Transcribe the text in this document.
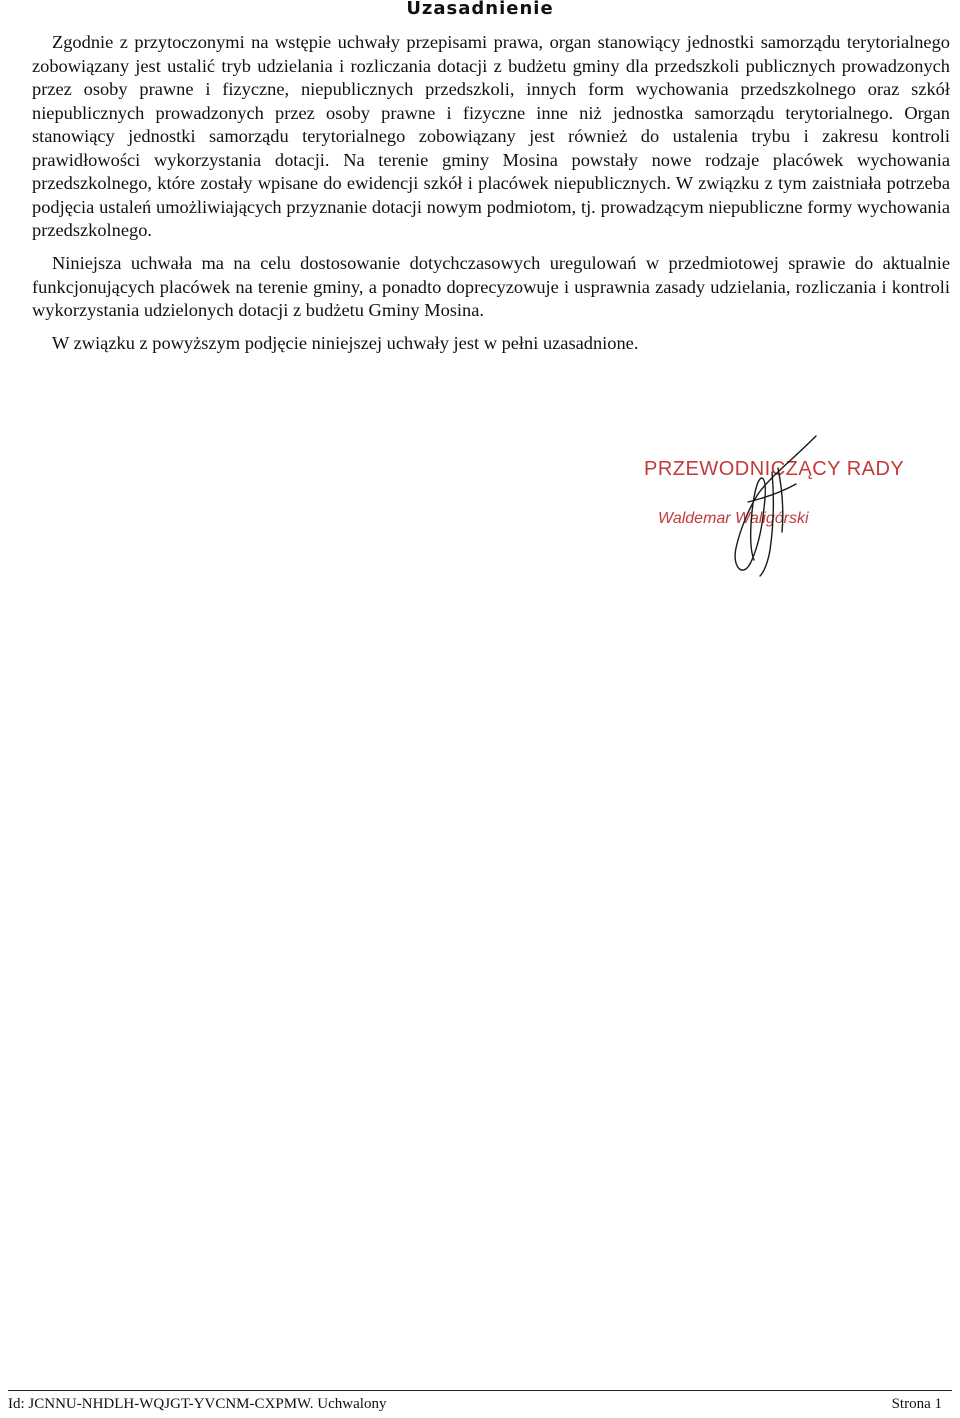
Uzasadnienie

Zgodnie z przytoczonymi na wstępie uchwały przepisami prawa, organ stanowiący jednostki samorządu terytorialnego zobowiązany jest ustalić tryb udzielania i rozliczania dotacji z budżetu gminy dla przedszkoli publicznych prowadzonych przez osoby prawne i fizyczne, niepublicznych przedszkoli, innych form wychowania przedszkolnego oraz szkół niepublicznych prowadzonych przez osoby prawne i fizyczne inne niż jednostka samorządu terytorialnego. Organ stanowiący jednostki samorządu terytorialnego zobowiązany jest również do ustalenia trybu i zakresu kontroli prawidłowości wykorzystania dotacji. Na terenie gminy Mosina powstały nowe rodzaje placówek wychowania przedszkolnego, które zostały wpisane do ewidencji szkół i placówek niepublicznych. W związku z tym zaistniała potrzeba podjęcia ustaleń umożliwiających przyznanie dotacji nowym podmiotom, tj. prowadzącym niepubliczne formy wychowania przedszkolnego.

Niniejsza uchwała ma na celu dostosowanie dotychczasowych uregulowań w przedmiotowej sprawie do aktualnie funkcjonujących placówek na terenie gminy, a ponadto doprecyzowuje i usprawnia zasady udzielania, rozliczania i kontroli wykorzystania udzielonych dotacji z budżetu Gminy Mosina.

W związku z powyższym podjęcie niniejszej uchwały jest w pełni uzasadnione.

PRZEWODNICZĄCY RADY
Waldemar Waligórski

Id: JCNNU-NHDLH-WQJGT-YVCNM-CXPMW. Uchwalony	Strona 1
